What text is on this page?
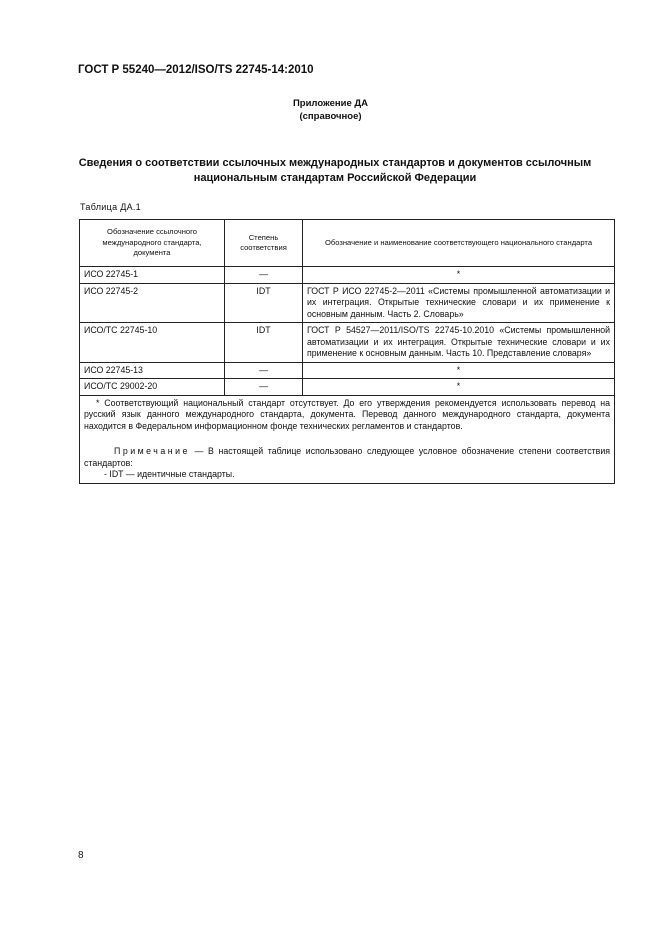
ГОСТ Р 55240—2012/ISO/TS 22745-14:2010
Приложение ДА
(справочное)
Сведения о соответствии ссылочных международных стандартов и документов ссылочным национальным стандартам Российской Федерации
Таблица ДА.1
Обозначение ссылочного международного стандарта, документа	Степень соответствия	Обозначение и наименование соответствующего национального стандарта
ИСО 22745-1	—	*
ИСО 22745-2	IDT	ГОСТ Р ИСО 22745-2—2011 «Системы промышленной автоматизации и их интеграция. Открытые технические словари и их применение к основным данным. Часть 2. Словарь»
ИСО/ТС 22745-10	IDT	ГОСТ Р 54527—2011/ISO/TS 22745-10.2010 «Системы промышленной автоматизации и их интеграция. Открытые технические словари и их применение к основным данным. Часть 10. Представление словаря»
ИСО 22745-13	—	*
ИСО/ТС 29002-20	—	*

* Соответствующий национальный стандарт отсутствует. До его утверждения рекомендуется использовать перевод на русский язык данного международного стандарта, документа. Перевод данного международного стандарта, документа находится в Федеральном информационном фонде технических регламентов и стандартов.

Примечание — В настоящей таблице использовано следующее условное обозначение степени соответствия стандартов:

- IDT — идентичные стандарты.		

8
